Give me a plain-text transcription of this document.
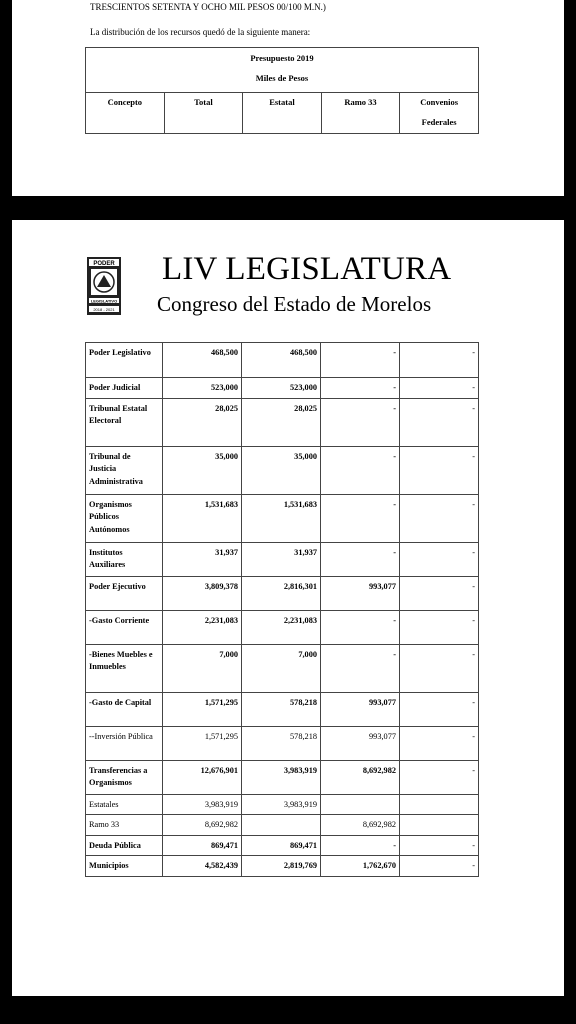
TRESCIENTOS SETENTA Y OCHO MIL PESOS 00/100 M.N.)
La distribución de los recursos quedó de la siguiente manera:
Presupuesto 2019
Miles de Pesos

Concepto	Total	Estatal	Ramo 33	Convenios
Federales
PODER
LEGISLATIVO
2018 - 2021
LIV LEGISLATURA
Congreso del Estado de Morelos
Poder Legislativo	468,500	468,500	-	-
Poder Judicial	523,000	523,000	-	-
Tribunal Estatal Electoral	28,025	28,025	-	-
Tribunal de Justicia Administrativa	35,000	35,000	-	-
Organismos Públicos Autónomos	1,531,683	1,531,683	-	-
Institutos Auxiliares	31,937	31,937	-	-
Poder Ejecutivo	3,809,378	2,816,301	993,077	-
-Gasto Corriente	2,231,083	2,231,083	-	-
-Bienes Muebles e Inmuebles	7,000	7,000	-	-
-Gasto de Capital	1,571,295	578,218	993,077	-
--Inversión Pública	1,571,295	578,218	993,077	-
Transferencias a Organismos	12,676,901	3,983,919	8,692,982	-
Estatales	3,983,919	3,983,919		
Ramo 33	8,692,982		8,692,982	
Deuda Pública	869,471	869,471	-	-
Municipios	4,582,439	2,819,769	1,762,670	-
